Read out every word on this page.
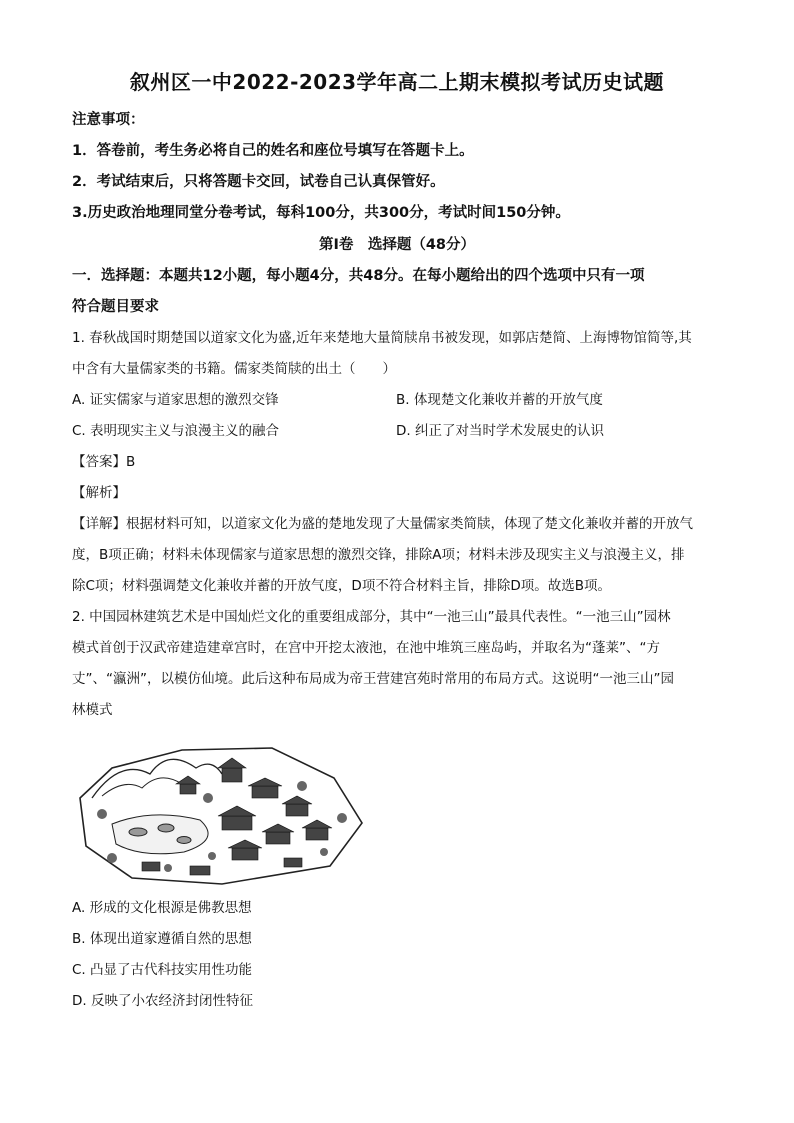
叙州区一中2022-2023学年高二上期末模拟考试历史试题
注意事项：
1．答卷前，考生务必将自己的姓名和座位号填写在答题卡上。
2．考试结束后，只将答题卡交回，试卷自己认真保管好。
3.历史政治地理同堂分卷考试，每科100分，共300分，考试时间150分钟。
第Ⅰ卷　选择题（48分）
一．选择题：本题共12小题，每小题4分，共48分。在每小题给出的四个选项中只有一项
符合题目要求
1. 春秋战国时期楚国以道家文化为盛,近年来楚地大量简牍帛书被发现，如郭店楚简、上海博物馆简等,其
中含有大量儒家类的书籍。儒家类简牍的出土（　　）
A. 证实儒家与道家思想的激烈交锋	B. 体现楚文化兼收并蓄的开放气度
C. 表明现实主义与浪漫主义的融合	D. 纠正了对当时学术发展史的认识
【答案】B
【解析】
【详解】根据材料可知，以道家文化为盛的楚地发现了大量儒家类简牍，体现了楚文化兼收并蓄的开放气
度，B项正确；材料未体现儒家与道家思想的激烈交锋，排除A项；材料未涉及现实主义与浪漫主义，排
除C项；材料强调楚文化兼收并蓄的开放气度，D项不符合材料主旨，排除D项。故选B项。
2. 中国园林建筑艺术是中国灿烂文化的重要组成部分，其中“一池三山”最具代表性。“一池三山”园林
模式首创于汉武帝建造建章宫时，在宫中开挖太液池，在池中堆筑三座岛屿，并取名为“蓬莱”、“方
丈”、“瀛洲”，以模仿仙境。此后这种布局成为帝王营建宫苑时常用的布局方式。这说明“一池三山”园
林模式
A. 形成的文化根源是佛教思想
B. 体现出道家遵循自然的思想
C. 凸显了古代科技实用性功能
D. 反映了小农经济封闭性特征
